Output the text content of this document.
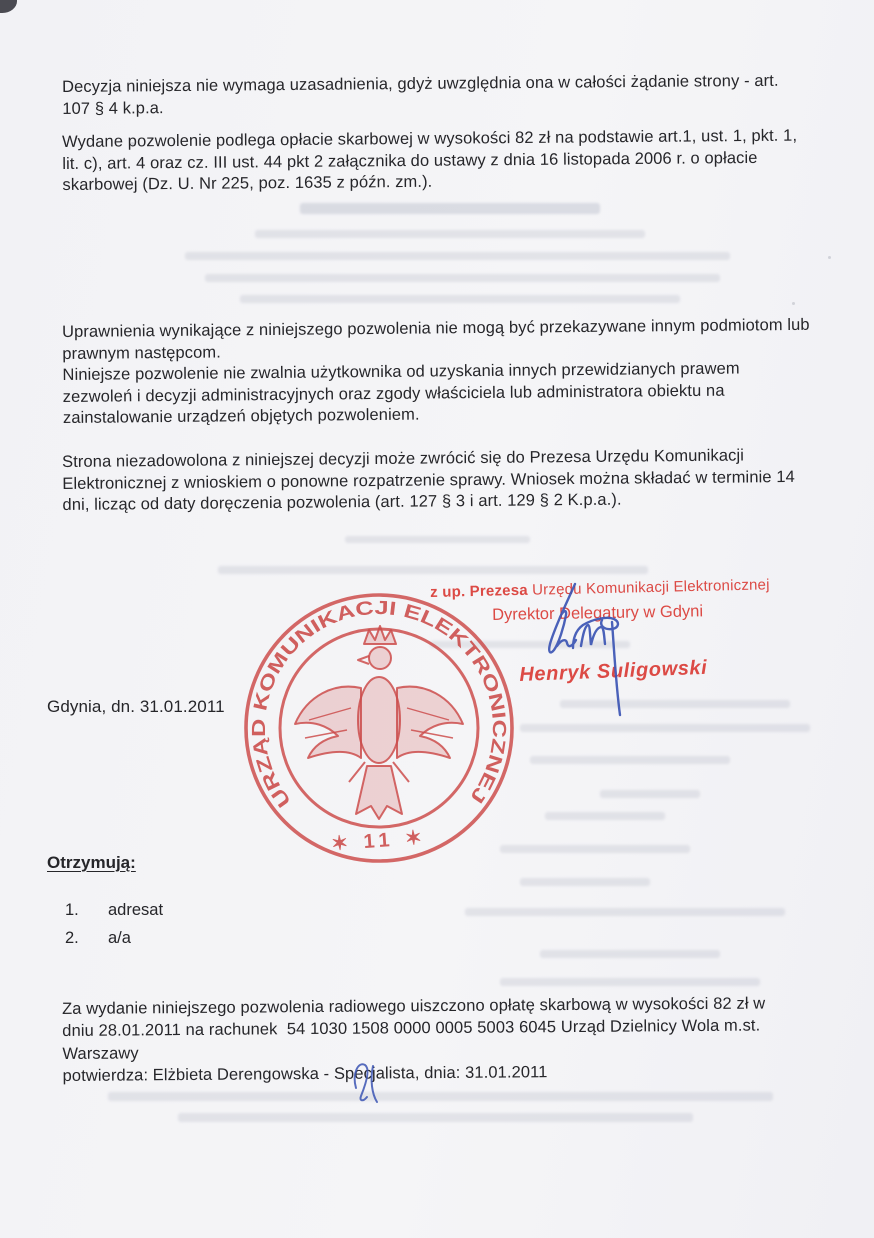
Decyzja niniejsza nie wymaga uzasadnienia, gdyż uwzględnia ona w całości żądanie strony - art.
107 § 4 k.p.a.
Wydane pozwolenie podlega opłacie skarbowej w wysokości 82 zł na podstawie art.1, ust. 1, pkt. 1,
lit. c), art. 4 oraz cz. III ust. 44 pkt 2 załącznika do ustawy z dnia 16 listopada 2006 r. o opłacie
skarbowej (Dz. U. Nr 225, poz. 1635 z późn. zm.).
Uprawnienia wynikające z niniejszego pozwolenia nie mogą być przekazywane innym podmiotom lub
prawnym następcom.
Niniejsze pozwolenie nie zwalnia użytkownika od uzyskania innych przewidzianych prawem
zezwoleń i decyzji administracyjnych oraz zgody właściciela lub administratora obiektu na
zainstalowanie urządzeń objętych pozwoleniem.
Strona niezadowolona z niniejszej decyzji może zwrócić się do Prezesa Urzędu Komunikacji
Elektronicznej z wnioskiem o ponowne rozpatrzenie sprawy. Wniosek można składać w terminie 14
dni, licząc od daty doręczenia pozwolenia (art. 127 § 3 i art. 129 § 2 K.p.a.).
z up. Prezesa Urzędu Komunikacji Elektronicznej
Dyrektor Delegatury w Gdyni
Henryk Suligowski
Gdynia, dn. 31.01.2011
URZĄD KOMUNIKACJI ELEKTRONICZNEJ
✶ 11 ✶
Otrzymują:
1.	adresat
2.	a/a
Za wydanie niniejszego pozwolenia radiowego uiszczono opłatę skarbową w wysokości 82 zł w
dniu 28.01.2011 na rachunek  54 1030 1508 0000 0005 5003 6045 Urząd Dzielnicy Wola m.st.
Warszawy
potwierdza: Elżbieta Derengowska - Specjalista, dnia: 31.01.2011
